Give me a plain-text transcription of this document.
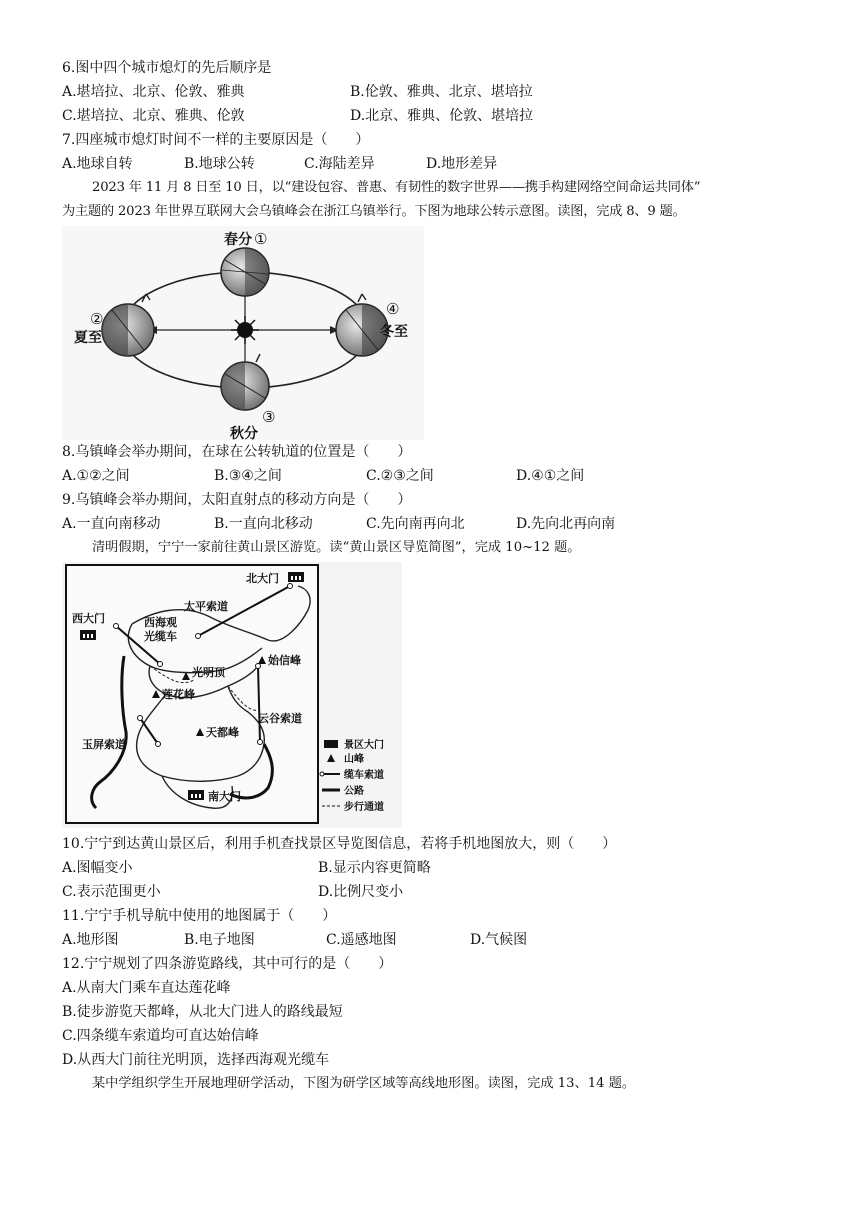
6.图中四个城市熄灯的先后顺序是
A.堪培拉、北京、伦敦、雅典	B.伦敦、雅典、北京、堪培拉
C.堪培拉、北京、雅典、伦敦	D.北京、雅典、伦敦、堪培拉
7.四座城市熄灯时间不一样的主要原因是（　　）
A.地球自转	B.地球公转	C.海陆差异	D.地形差异
2023 年 11 月 8 日至 10 日，以“建设包容、普惠、有韧性的数字世界——携手构建网络空间命运共同体”
为主题的 2023 年世界互联网大会乌镇峰会在浙江乌镇举行。下图为地球公转示意图。读图，完成 8、9 题。
春分 ①
②
夏至
④
冬至
③
秋分
8.乌镇峰会举办期间，在球在公转轨道的位置是（　　）
A.①②之间	B.③④之间	C.②③之间	D.④①之间
9.乌镇峰会举办期间，太阳直射点的移动方向是（　　）
A.一直向南移动	B.一直向北移动	C.先向南再向北	D.先向北再向南
清明假期，宁宁一家前往黄山景区游览。读“黄山景区导览简图”，完成 10~12 题。
北大门
西大门
太平索道
西海观
光缆车
始信峰
光明顶
莲花峰
云谷索道
天都峰
玉屏索道
南大门
景区大门
山峰
缆车索道
公路
步行通道
10.宁宁到达黄山景区后，利用手机查找景区导览图信息，若将手机地图放大，则（　　）
A.图幅变小	B.显示内容更简略
C.表示范围更小	D.比例尺变小
11.宁宁手机导航中使用的地图属于（　　）
A.地形图	B.电子地图	C.遥感地图	D.气候图
12.宁宁规划了四条游览路线，其中可行的是（　　）
A.从南大门乘车直达莲花峰
B.徒步游览天都峰，从北大门进人的路线最短
C.四条缆车索道均可直达始信峰
D.从西大门前往光明顶，选择西海观光缆车
某中学组织学生开展地理研学活动，下图为研学区域等高线地形图。读图，完成 13、14 题。
